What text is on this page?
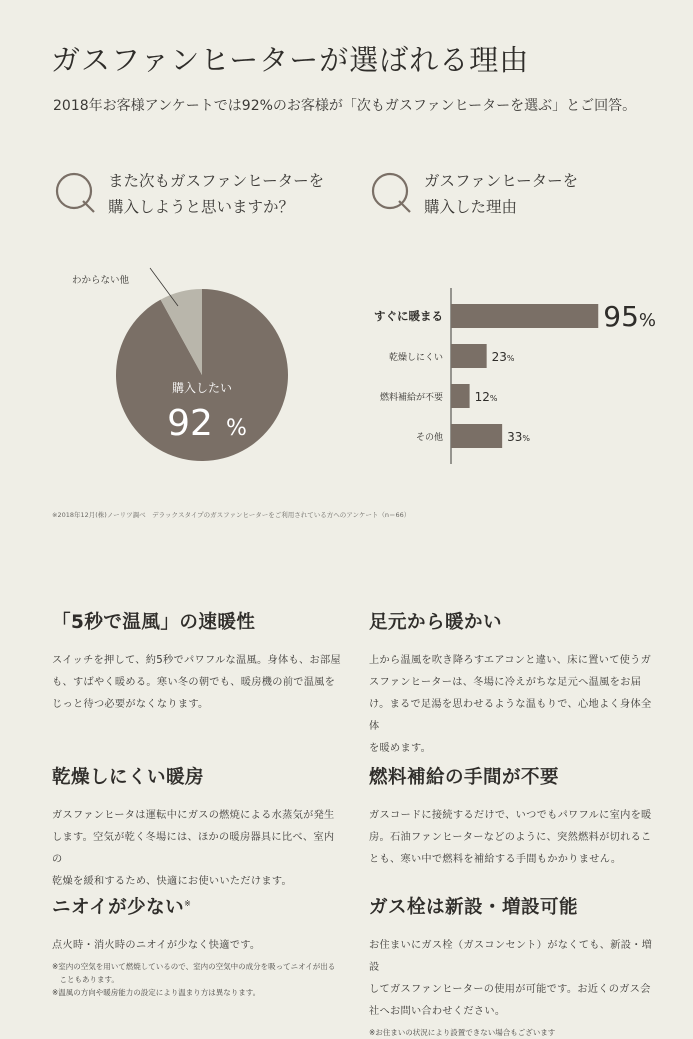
ガスファンヒーターが選ばれる理由
2018年お客様アンケートでは92%のお客様が「次もガスファンヒーターを選ぶ」とご回答。
また次もガスファンヒーターを
購入しようと思いますか？
ガスファンヒーターを
購入した理由
わからない他
購入したい
92 %
すぐに暖まる	95%
乾燥しにくい	23%
燃料補給が不要	12%
その他	33%
※2018年12月(株)ノーリツ調べ　デラックスタイプのガスファンヒーターをご利用されている方へのアンケート（n＝66）
「5秒で温風」の速暖性
スイッチを押して、約5秒でパワフルな温風。身体も、お部屋
も、すばやく暖める。寒い冬の朝でも、暖房機の前で温風を
じっと待つ必要がなくなります。
足元から暖かい
上から温風を吹き降ろすエアコンと違い、床に置いて使うガ
スファンヒーターは、冬場に冷えがちな足元へ温風をお届
け。まるで足湯を思わせるような温もりで、心地よく身体全体
を暖めます。
乾燥しにくい暖房
ガスファンヒータは運転中にガスの燃焼による水蒸気が発生
します。空気が乾く冬場には、ほかの暖房器具に比べ、室内の
乾燥を緩和するため、快適にお使いいただけます。
燃料補給の手間が不要
ガスコードに接続するだけで、いつでもパワフルに室内を暖
房。石油ファンヒーターなどのように、突然燃料が切れるこ
とも、寒い中で燃料を補給する手間もかかりません。
ニオイが少ない※
点火時・消火時のニオイが少なく快適です。
※室内の空気を用いて燃焼しているので、室内の空気中の成分を吸ってニオイが出る
　こともあります。
※温風の方向や暖房能力の設定により温まり方は異なります。
ガス栓は新設・増設可能
お住まいにガス栓（ガスコンセント）がなくても、新設・増設
してガスファンヒーターの使用が可能です。お近くのガス会
社へお問い合わせください。
※お住まいの状況により設置できない場合もございます
